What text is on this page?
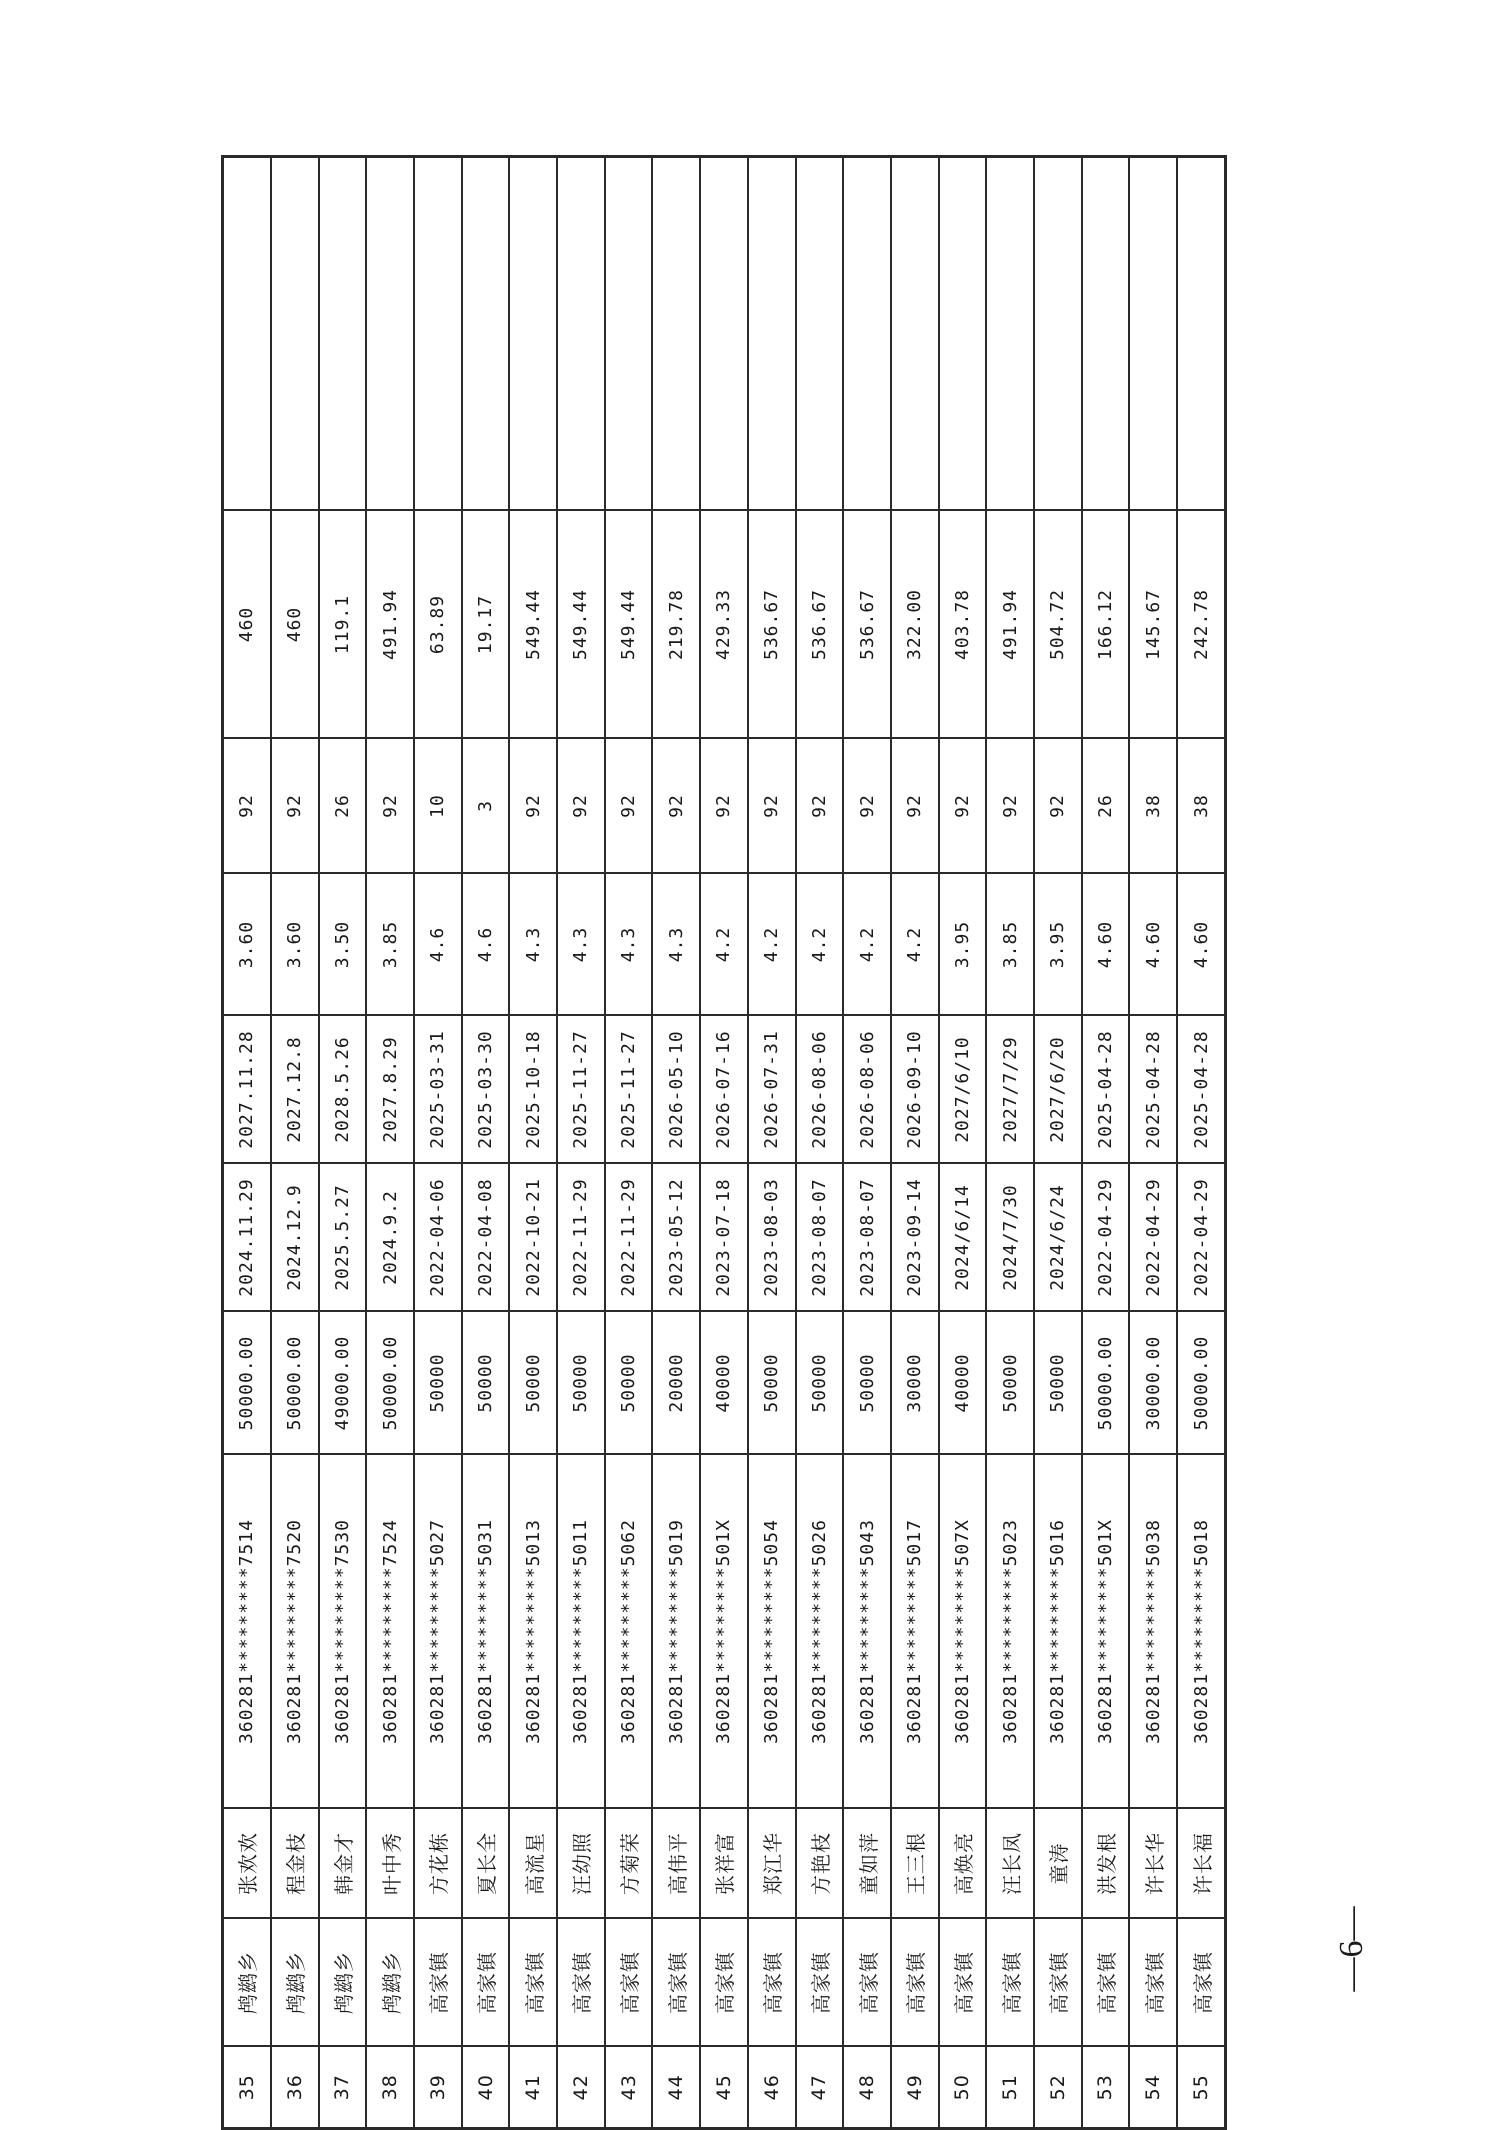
35	鸬鹚乡	张欢欢	360281*********7514	50000.00	2024.11.29	2027.11.28	3.60	92	460	
36	鸬鹚乡	程金枝	360281*********7520	50000.00	2024.12.9	2027.12.8	3.60	92	460	
37	鸬鹚乡	韩金才	360281*********7530	49000.00	2025.5.27	2028.5.26	3.50	26	119.1	
38	鸬鹚乡	叶中秀	360281*********7524	50000.00	2024.9.2	2027.8.29	3.85	92	491.94	
39	高家镇	方花栋	360281*********5027	50000	2022-04-06	2025-03-31	4.6	10	63.89	
40	高家镇	夏长全	360281*********5031	50000	2022-04-08	2025-03-30	4.6	3	19.17	
41	高家镇	高流星	360281*********5013	50000	2022-10-21	2025-10-18	4.3	92	549.44	
42	高家镇	汪幼照	360281*********5011	50000	2022-11-29	2025-11-27	4.3	92	549.44	
43	高家镇	方菊荣	360281*********5062	50000	2022-11-29	2025-11-27	4.3	92	549.44	
44	高家镇	高伟平	360281*********5019	20000	2023-05-12	2026-05-10	4.3	92	219.78	
45	高家镇	张祥富	360281*********501X	40000	2023-07-18	2026-07-16	4.2	92	429.33	
46	高家镇	郑江华	360281*********5054	50000	2023-08-03	2026-07-31	4.2	92	536.67	
47	高家镇	方艳枝	360281*********5026	50000	2023-08-07	2026-08-06	4.2	92	536.67	
48	高家镇	童如萍	360281*********5043	50000	2023-08-07	2026-08-06	4.2	92	536.67	
49	高家镇	王三根	360281*********5017	30000	2023-09-14	2026-09-10	4.2	92	322.00	
50	高家镇	高焕亮	360281*********507X	40000	2024/6/14	2027/6/10	3.95	92	403.78	
51	高家镇	汪长凤	360281*********5023	50000	2024/7/30	2027/7/29	3.85	92	491.94	
52	高家镇	童涛	360281*********5016	50000	2024/6/24	2027/6/20	3.95	92	504.72	
53	高家镇	洪发根	360281*********501X	50000.00	2022-04-29	2025-04-28	4.60	26	166.12	
54	高家镇	许长华	360281*********5038	30000.00	2022-04-29	2025-04-28	4.60	38	145.67	
55	高家镇	许长福	360281*********5018	50000.00	2022-04-29	2025-04-28	4.60	38	242.78	
—6—
